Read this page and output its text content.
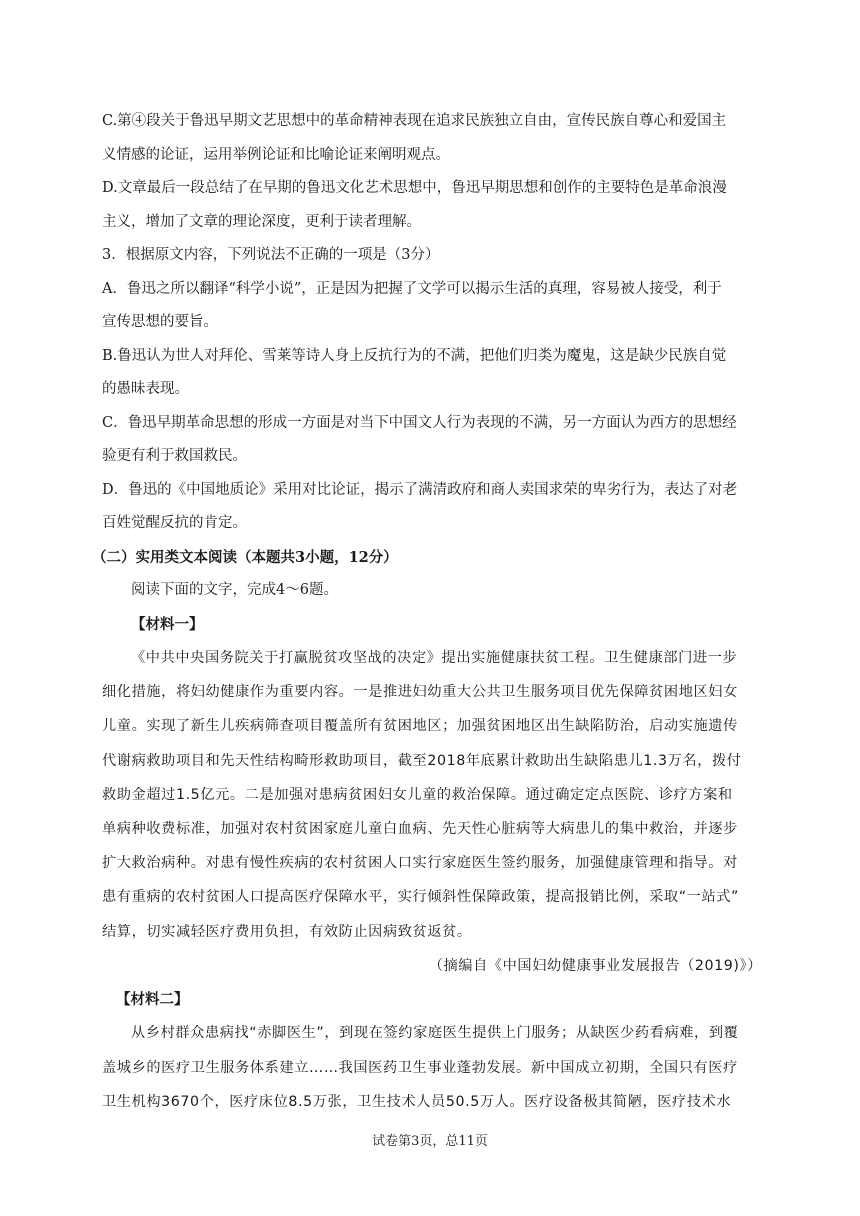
C.第④段关于鲁迅早期文艺思想中的革命精神表现在追求民族独立自由，宣传民族自尊心和爱国主
义情感的论证，运用举例论证和比喻论证来阐明观点。
D.文章最后一段总结了在早期的鲁迅文化艺术思想中，鲁迅早期思想和创作的主要特色是革命浪漫
主义，增加了文章的理论深度，更利于读者理解。
3．根据原文内容，下列说法不正确的一项是（3分）
A．鲁迅之所以翻译“科学小说”，正是因为把握了文学可以揭示生活的真理，容易被人接受，利于
宣传思想的要旨。
B.鲁迅认为世人对拜伦、雪莱等诗人身上反抗行为的不满，把他们归类为魔鬼，这是缺少民族自觉
的愚昧表现。
C．鲁迅早期革命思想的形成一方面是对当下中国文人行为表现的不满，另一方面认为西方的思想经
验更有利于救国救民。
D．鲁迅的《中国地质论》采用对比论证，揭示了满清政府和商人卖国求荣的卑劣行为，表达了对老
百姓觉醒反抗的肯定。
（二）实用类文本阅读（本题共3小题，12分）
阅读下面的文字，完成4～6题。
【材料一】
《中共中央国务院关于打赢脱贫攻坚战的决定》提出实施健康扶贫工程。卫生健康部门进一步
细化措施，将妇幼健康作为重要内容。一是推进妇幼重大公共卫生服务项目优先保障贫困地区妇女
儿童。实现了新生儿疾病筛查项目覆盖所有贫困地区；加强贫困地区出生缺陷防治，启动实施遗传
代谢病救助项目和先天性结构畸形救助项目，截至2018年底累计救助出生缺陷患儿1.3万名，拨付
救助金超过1.5亿元。二是加强对患病贫困妇女儿童的救治保障。通过确定定点医院、诊疗方案和
单病种收费标准，加强对农村贫困家庭儿童白血病、先天性心脏病等大病患儿的集中救治，并逐步
扩大救治病种。对患有慢性疾病的农村贫困人口实行家庭医生签约服务，加强健康管理和指导。对
患有重病的农村贫困人口提高医疗保障水平，实行倾斜性保障政策，提高报销比例，采取“一站式”
结算，切实减轻医疗费用负担，有效防止因病致贫返贫。
（摘编自《中国妇幼健康事业发展报告（2019)》）
【材料二】
从乡村群众患病找“赤脚医生”，到现在签约家庭医生提供上门服务；从缺医少药看病难，到覆
盖城乡的医疗卫生服务体系建立……我国医药卫生事业蓬勃发展。新中国成立初期，全国只有医疗
卫生机构3670个，医疗床位8.5万张，卫生技术人员50.5万人。医疗设备极其简陋，医疗技术水
试卷第3页，总11页
